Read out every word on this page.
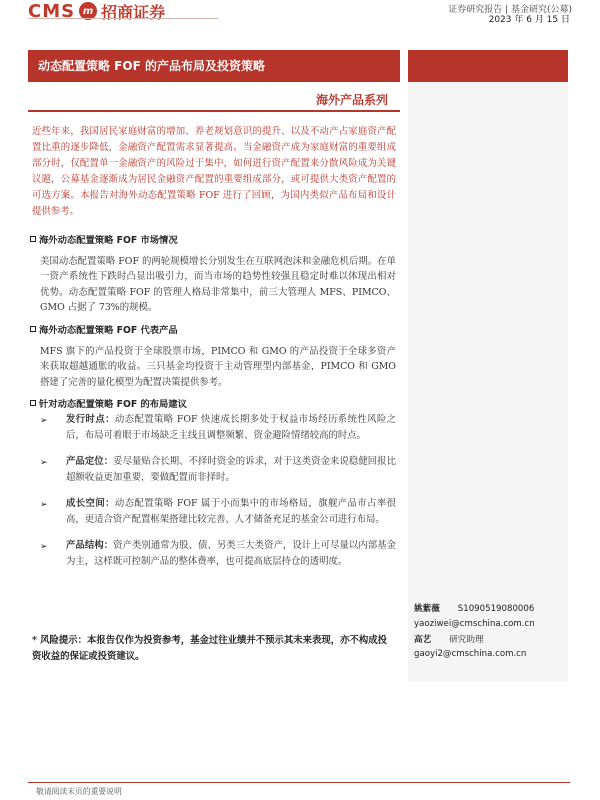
CMS m 招商证券	证券研究报告 | 基金研究(公募)
2023 年 6 月 15 日
动态配置策略 FOF 的产品布局及投资策略
海外产品系列
近些年来，我国居民家庭财富的增加、养老规划意识的提升、以及不动产占家庭资产配置比重的逐步降低，金融资产配置需求显著提高。当金融资产成为家庭财富的重要组成部分时，仅配置单一金融资产的风险过于集中，如何进行资产配置来分散风险成为关键议题，公募基金逐渐成为居民金融资产配置的重要组成部分，或可提供大类资产配置的可选方案。本报告对海外动态配置策略 FOF 进行了回顾，为国内类似产品布局和设计提供参考。
海外动态配置策略 FOF 市场情况
美国动态配置策略 FOF 的两轮规模增长分别发生在互联网泡沫和金融危机后期。在单一资产系统性下跌时凸显出吸引力，而当市场的趋势性较强且稳定时难以体现出相对优势。动态配置策略 FOF 的管理人格局非常集中，前三大管理人 MFS、PIMCO、GMO 占据了 73%的规模。
海外动态配置策略 FOF 代表产品
MFS 旗下的产品投资于全球股票市场，PIMCO 和 GMO 的产品投资于全球多资产来获取超越通胀的收益。三只基金均投资于主动管理型内部基金，PIMCO 和 GMO 搭建了完善的量化模型为配置决策提供参考。
针对动态配置策略 FOF 的布局建议
➢	发行时点：动态配置策略 FOF 快速成长期多处于权益市场经历系统性风险之后，布局可着眼于市场缺乏主线且调整频繁、资金避险情绪较高的时点。
➢	产品定位：妥尽量贴合长期、不择时资金的诉求，对于这类资金来说稳健回报比超额收益更加重要，要做配置而非择时。
➢	成长空间：动态配置策略 FOF 属于小而集中的市场格局，旗舰产品市占率很高，更适合资产配置框架搭建比较完善、人才储备充足的基金公司进行布局。
➢	产品结构：资产类别通常为股、债、另类三大类资产，设计上可尽量以内部基金为主，这样既可控制产品的整体费率，也可提高底层持仓的透明度。
* 风险提示：本报告仅作为投资参考，基金过往业绩并不预示其未来表现，亦不构成投资收益的保证或投资建议。
姚紫薇 S1090519080006
yaoziwei@cmschina.com.cn
高艺 研究助理
gaoyi2@cmschina.com.cn
敬请阅读末页的重要说明
